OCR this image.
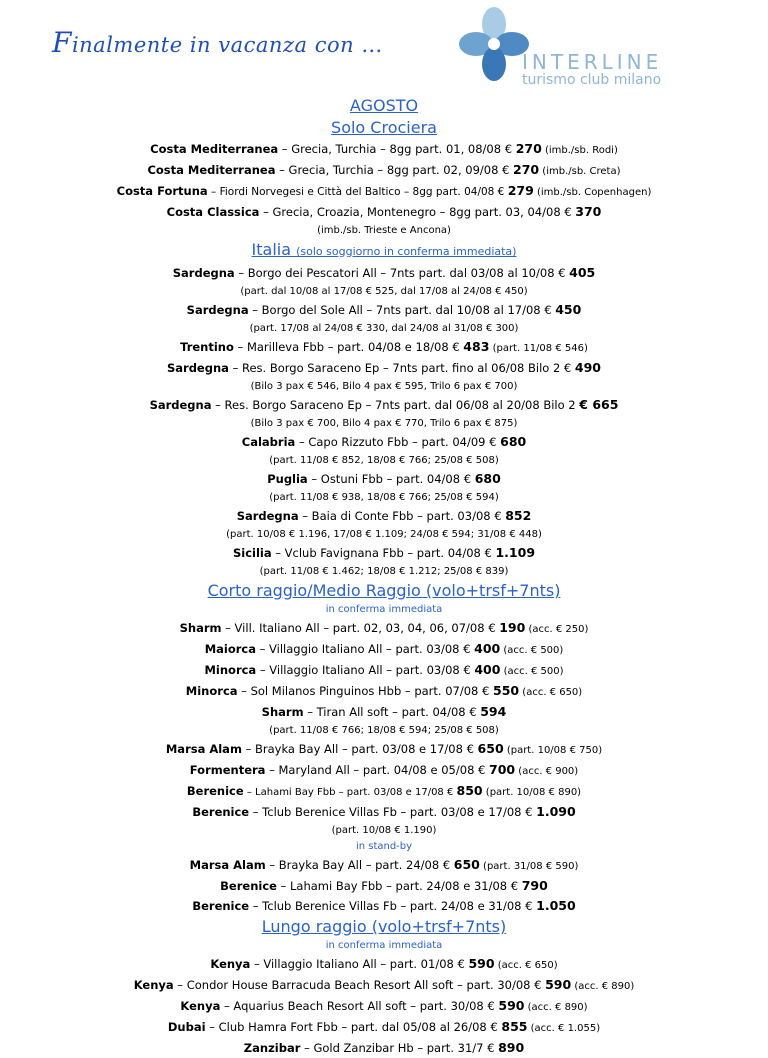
Finalmente in vacanza con …
INTERLINE
turismo club milano
AGOSTO
Solo Crociera
Costa Mediterranea – Grecia, Turchia – 8gg part. 01, 08/08 € 270 (imb./sb. Rodi)
Costa Mediterranea – Grecia, Turchia – 8gg part. 02, 09/08 € 270 (imb./sb. Creta)
Costa Fortuna – Fiordi Norvegesi e Città del Baltico – 8gg part. 04/08 € 279 (imb./sb. Copenhagen)
Costa Classica – Grecia, Croazia, Montenegro – 8gg part. 03, 04/08 € 370
(imb./sb. Trieste e Ancona)
Italia (solo soggiorno in conferma immediata)
Sardegna – Borgo dei Pescatori All – 7nts part. dal 03/08 al 10/08 € 405
(part. dal 10/08 al 17/08 € 525, dal 17/08 al 24/08 € 450)
Sardegna – Borgo del Sole All – 7nts part. dal 10/08 al 17/08 € 450
(part. 17/08 al 24/08 € 330, dal 24/08 al 31/08 € 300)
Trentino – Marilleva Fbb – part. 04/08 e 18/08 € 483 (part. 11/08 € 546)
Sardegna – Res. Borgo Saraceno Ep – 7nts part. fino al 06/08 Bilo 2 € 490
(Bilo 3 pax € 546, Bilo 4 pax € 595, Trilo 6 pax € 700)
Sardegna – Res. Borgo Saraceno Ep – 7nts part. dal 06/08 al 20/08 Bilo 2 € 665
(Bilo 3 pax € 700, Bilo 4 pax € 770, Trilo 6 pax € 875)
Calabria – Capo Rizzuto Fbb – part. 04/09 € 680
(part. 11/08 € 852, 18/08 € 766; 25/08 € 508)
Puglia – Ostuni Fbb – part. 04/08 € 680
(part. 11/08 € 938, 18/08 € 766; 25/08 € 594)
Sardegna – Baia di Conte Fbb – part. 03/08 € 852
(part. 10/08 € 1.196, 17/08 € 1.109; 24/08 € 594; 31/08 € 448)
Sicilia – Vclub Favignana Fbb – part. 04/08 € 1.109
(part. 11/08 € 1.462; 18/08 € 1.212; 25/08 € 839)
Corto raggio/Medio Raggio (volo+trsf+7nts)
in conferma immediata
Sharm – Vill. Italiano All – part. 02, 03, 04, 06, 07/08 € 190 (acc. € 250)
Maiorca – Villaggio Italiano All – part. 03/08 € 400 (acc. € 500)
Minorca – Villaggio Italiano All – part. 03/08 € 400 (acc. € 500)
Minorca – Sol Milanos Pinguinos Hbb – part. 07/08 € 550 (acc. € 650)
Sharm – Tiran All soft – part. 04/08 € 594
(part. 11/08 € 766; 18/08 € 594; 25/08 € 508)
Marsa Alam – Brayka Bay All – part. 03/08 e 17/08 € 650 (part. 10/08 € 750)
Formentera – Maryland All – part. 04/08 e 05/08 € 700 (acc. € 900)
Berenice – Lahami Bay Fbb – part. 03/08 e 17/08 € 850 (part. 10/08 € 890)
Berenice – Tclub Berenice Villas Fb – part. 03/08 e 17/08 € 1.090
(part. 10/08 € 1.190)
in stand-by
Marsa Alam – Brayka Bay All – part. 24/08 € 650 (part. 31/08 € 590)
Berenice – Lahami Bay Fbb – part. 24/08 e 31/08 € 790
Berenice – Tclub Berenice Villas Fb – part. 24/08 e 31/08 € 1.050
Lungo raggio (volo+trsf+7nts)
in conferma immediata
Kenya – Villaggio Italiano All – part. 01/08 € 590 (acc. € 650)
Kenya – Condor House Barracuda Beach Resort All soft – part. 30/08 € 590 (acc. € 890)
Kenya – Aquarius Beach Resort All soft – part. 30/08 € 590 (acc. € 890)
Dubai – Club Hamra Fort Fbb – part. dal 05/08 al 26/08 € 855 (acc. € 1.055)
Zanzibar – Gold Zanzibar Hb – part. 31/7 € 890
